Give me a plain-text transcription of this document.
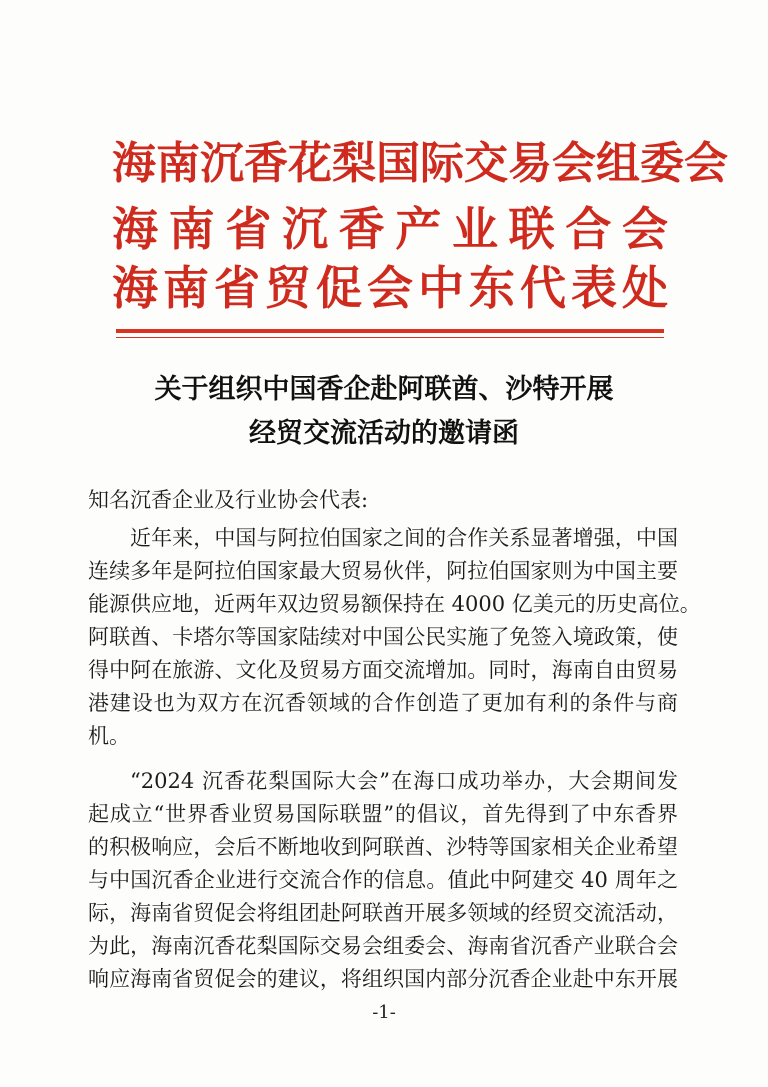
海南沉香花梨国际交易会组委会
海南省沉香产业联合会
海南省贸促会中东代表处
关于组织中国香企赴阿联酋、沙特开展
经贸交流活动的邀请函
知名沉香企业及行业协会代表:
近年来，中国与阿拉伯国家之间的合作关系显著增强，中国
连续多年是阿拉伯国家最大贸易伙伴，阿拉伯国家则为中国主要
能源供应地，近两年双边贸易额保持在 4000 亿美元的历史高位。
阿联酋、卡塔尔等国家陆续对中国公民实施了免签入境政策，使
得中阿在旅游、文化及贸易方面交流增加。同时，海南自由贸易
港建设也为双方在沉香领域的合作创造了更加有利的条件与商
机。
“2024 沉香花梨国际大会”在海口成功举办，大会期间发
起成立“世界香业贸易国际联盟”的倡议，首先得到了中东香界
的积极响应，会后不断地收到阿联酋、沙特等国家相关企业希望
与中国沉香企业进行交流合作的信息。值此中阿建交 40 周年之
际，海南省贸促会将组团赴阿联酋开展多领域的经贸交流活动，
为此，海南沉香花梨国际交易会组委会、海南省沉香产业联合会
响应海南省贸促会的建议，将组织国内部分沉香企业赴中东开展
-1-
